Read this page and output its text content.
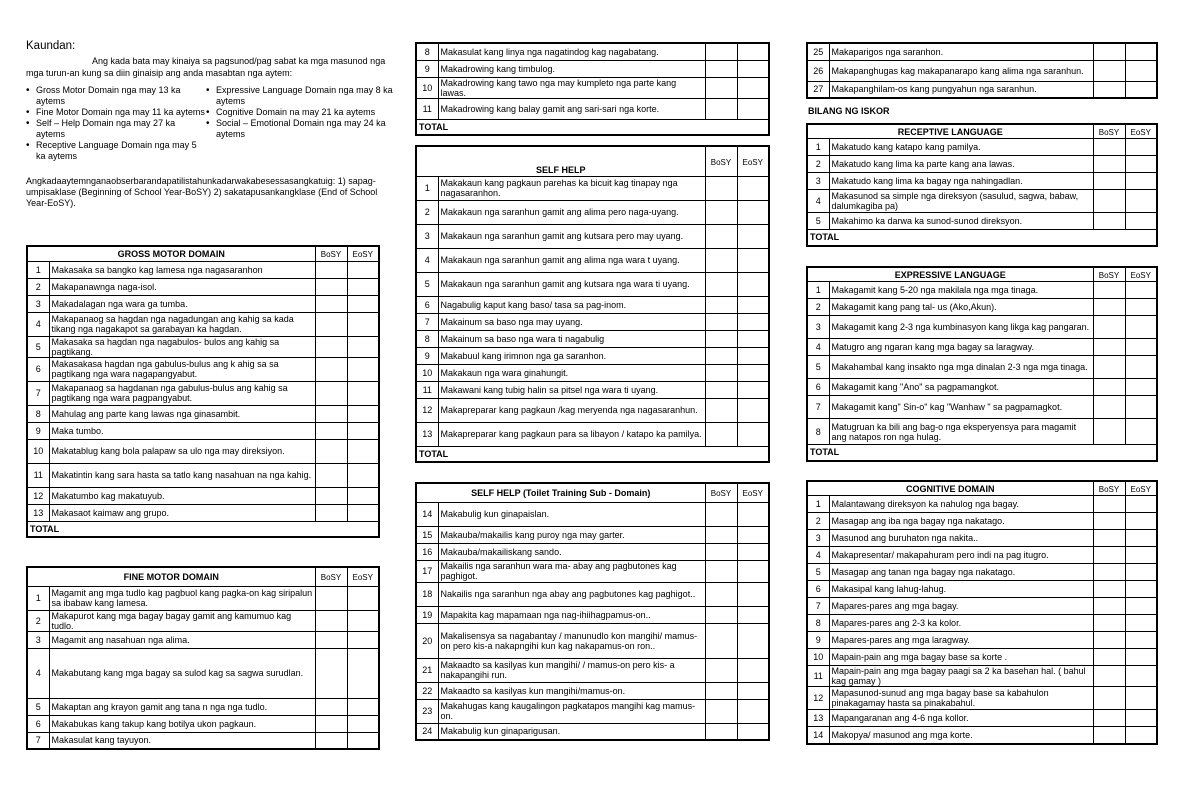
Kaundan:
Ang kada bata may kinaiya sa pagsunod/pag sabat ka mga masunod nga mga turun-an kung sa diin ginaisip ang anda masabtan nga aytem:
• Gross Motor Domain nga may 13 ka aytems
• Fine Motor Domain nga may 11 ka aytems
• Self – Help Domain nga may 27 ka aytems
• Receptive Language Domain nga may 5 ka aytems
• Expressive Language Domain nga may 8 ka aytems
• Cognitive Domain na may 21 ka aytems
• Social – Emotional Domain nga may 24 ka aytems
Angkadaaytemnganaobserbarandapatilistahunkadarwakabesessasangkatuig: 1) sapag-umpisaklase (Beginning of School Year-BoSY) 2) sakatapusankangklase (End of School Year-EoSY).
GROSS MOTOR DOMAIN		BoSY	EoSY
1	Makasaka sa bangko kag lamesa nga nagasaranhon		
2	Makapanawnga naga-isol.		
3	Makadalagan nga wara ga tumba.		
4	Makapanaog sa hagdan nga nagadungan ang kahig sa kada tikang nga nagakapot sa garabayan ka hagdan.		
5	Makasaka sa hagdan nga nagabulos- bulos ang kahig sa pagtikang.		
6	Makasakasa hagdan nga gabulus-bulus ang k ahig sa sa pagtikang nga wara nagapangyabut.		
7	Makapanaog sa hagdanan nga gabulus-bulus ang kahig sa pagtikang nga wara pagpangyabut.		
8	Mahulag ang parte kang lawas nga ginasambit.		
9	Maka tumbo.		
10	Makatablug kang bola palapaw sa ulo nga may direksiyon.		
11	Makatintin kang sara hasta sa tatlo kang nasahuan na nga kahig.		
12	Makatumbo kag makatuyub.		
13	Makasaot kaimaw ang grupo.		
TOTAL			
FINE MOTOR DOMAIN		BoSY	EoSY
1	Magamit ang mga tudlo kag pagbuol kang pagka-on kag siripalun sa ibabaw kang lamesa.		
2	Makapurot kang mga bagay bagay gamit ang kamumuo kag tudlo.		
3	Magamit ang nasahuan nga alima.		
4	Makabutang kang mga bagay sa sulod kag sa sagwa surudlan.		
5	Makaptan ang krayon gamit ang tana n nga nga tudlo.		
6	Makabukas kang takup kang botilya ukon pagkaun.		
7	Makasulat kang tayuyon.		
8	Makasulat kang linya nga nagatindog kag nagabatang.		
9	Makadrowing kang timbulog.		
10	Makadrowing kang tawo nga may kumpleto nga parte kang lawas.		
11	Makadrowing kang balay gamit ang sari-sari nga korte.		
TOTAL			
SELF HELP		BoSY	EoSY
1	Makakaun kang pagkaun parehas ka bicuit kag tinapay nga nagasaranhon.		
2	Makakaun nga saranhun gamit ang alima pero naga-uyang.		
3	Makakaun nga saranhun gamit ang kutsara pero may uyang.		
4	Makakaun nga saranhun gamit ang alima nga wara t uyang.		
5	Makakaun nga saranhun gamit ang kutsara nga wara ti uyang.		
6	Nagabulig kaput kang baso/ tasa sa pag-inom.		
7	Makainum sa baso nga may uyang.		
8	Makainum sa baso nga wara ti nagabulig		
9	Makabuul kang irimnon nga ga saranhon.		
10	Makakaun nga wara ginahungit.		
11	Makawani kang tubig halin sa pitsel nga wara ti uyang.		
12	Makapreparar kang pagkaun /kag meryenda nga nagasaranhun.		
13	Makapreparar kang pagkaun para sa libayon / katapo ka pamilya.		
TOTAL			
SELF HELP (Toilet Training Sub - Domain)		BoSY	EoSY
14	Makabulig kun ginapaislan.		
15	Makauba/makailis kang puroy nga may garter.		
16	Makauba/makailiskang sando.		
17	Makailis nga saranhun wara ma- abay ang pagbutones kag paghigot.		
18	Nakailis nga saranhun nga abay ang pagbutones kag paghigot..		
19	Mapakita kag mapamaan nga nag-ihiihagpamus-on..		
20	Makalisensya sa nagabantay / manunudlo kon mangihi/ mamus-on pero kis-a nakapngihi kun kag nakapamus-on ron..		
21	Makaadto sa kasilyas kun mangihi/ / mamus-on pero kis- a nakapangihi run.		
22	Makaadto sa kasilyas kun mangihi/mamus-on.		
23	Makahugas kang kaugalingon pagkatapos mangihi kag mamus-on.		
24	Makabulig kun ginaparigusan.		
25	Makaparigos nga saranhon.		
26	Makapanghugas kag makapanarapo kang alima nga saranhun.		
27	Makapanghilam-os kang pungyahun nga saranhun.		
BILANG NG ISKOR
RECEPTIVE LANGUAGE		BoSY	EoSY
1	Makatudo kang katapo kang pamilya.		
2	Makatudo kang lima ka parte kang ana lawas.		
3	Makatudo kang lima ka bagay nga nahingadlan.		
4	Makasunod sa simple nga direksyon (sasulud, sagwa, babaw, dalumkagiba pa)		
5	Makahimo ka darwa ka sunod-sunod direksyon.		
TOTAL			
EXPRESSIVE LANGUAGE		BoSY	EoSY
1	Makagamit kang 5-20 nga makilala nga mga tinaga.		
2	Makagamit kang pang tal- us (Ako,Akun).		
3	Makagamit kang 2-3 nga kumbinasyon kang likga kag pangaran.		
4	Matugro ang ngaran kang mga bagay sa laragway.		
5	Makahambal kang insakto nga mga dinalan 2-3 nga mga tinaga.		
6	Makagamit kang "Ano" sa pagpamangkot.		
7	Makagamit kang" Sin-o" kag "Wanhaw " sa pagpamagkot.		
8	Matugruan ka bili ang bag-o nga eksperyensya para magamit ang natapos ron nga hulag.		
TOTAL			
COGNITIVE DOMAIN		BoSY	EoSY
1	Malantawang direksyon ka nahulog nga bagay.		
2	Masagap ang iba nga bagay nga nakatago.		
3	Masunod ang buruhaton nga nakita..		
4	Makapresentar/ makapahuram pero indi na pag itugro.		
5	Masagap ang tanan nga bagay nga nakatago.		
6	Makasipal kang lahug-lahug.		
7	Mapares-pares ang mga bagay.		
8	Mapares-pares ang 2-3 ka kolor.		
9	Mapares-pares ang mga laragway.		
10	Mapain-pain ang mga bagay base sa korte .		
11	Mapain-pain ang mga bagay paagi sa 2 ka basehan hal. ( bahul kag gamay )		
12	Mapasunod-sunud ang mga bagay base sa kabahulon pinakagamay hasta sa pinakabahul.		
13	Mapangaranan ang 4-6 nga kollor.		
14	Makopya/ masunod ang mga korte.		
